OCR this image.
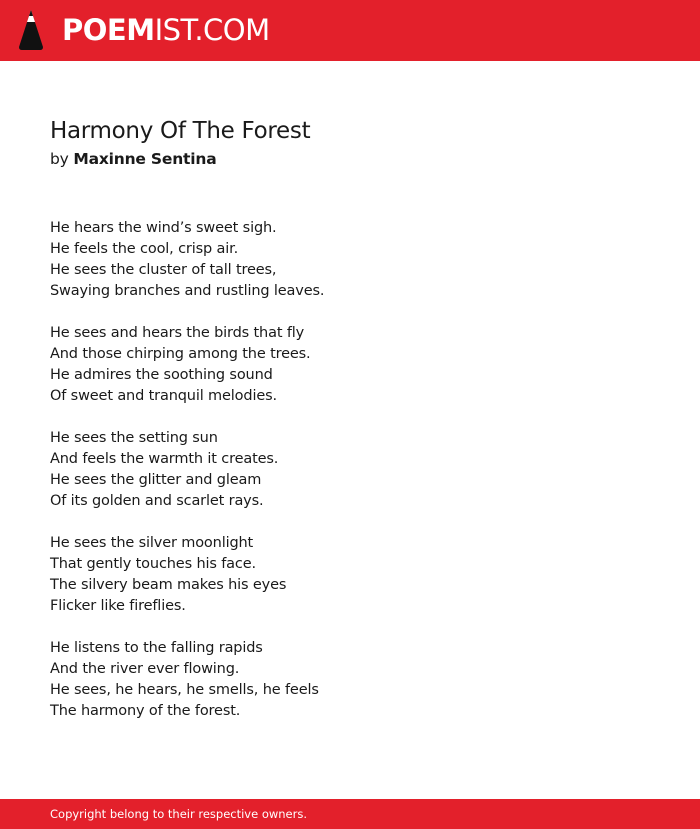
POEMIST.COM
Harmony Of The Forest
by Maxinne Sentina
He hears the wind’s sweet sigh.
He feels the cool, crisp air.
He sees the cluster of tall trees,
Swaying branches and rustling leaves.
He sees and hears the birds that fly
And those chirping among the trees.
He admires the soothing sound
Of sweet and tranquil melodies.
He sees the setting sun
And feels the warmth it creates.
He sees the glitter and gleam
Of its golden and scarlet rays.
He sees the silver moonlight
That gently touches his face.
The silvery beam makes his eyes
Flicker like fireflies.
He listens to the falling rapids
And the river ever flowing.
He sees, he hears, he smells, he feels
The harmony of the forest.
Copyright belong to their respective owners.
